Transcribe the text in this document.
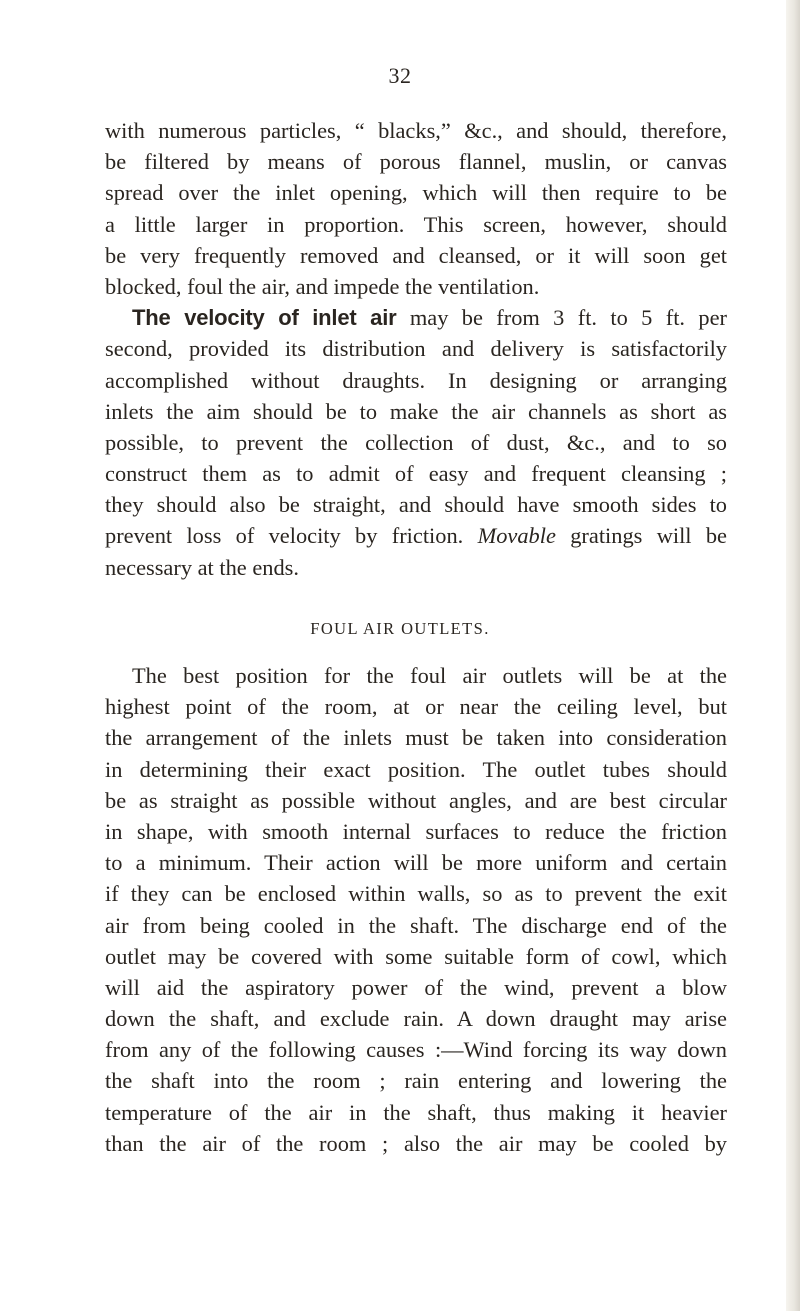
32
with numerous particles, “ blacks,” &c., and should, therefore,
be filtered by means of porous flannel, muslin, or canvas
spread over the inlet opening, which will then require to be
a little larger in proportion. This screen, however, should
be very frequently removed and cleansed, or it will soon get
blocked, foul the air, and impede the ventilation.
The velocity of inlet air may be from 3 ft. to 5 ft. per
second, provided its distribution and delivery is satisfactorily
accomplished without draughts. In designing or arranging
inlets the aim should be to make the air channels as short as
possible, to prevent the collection of dust, &c., and to so
construct them as to admit of easy and frequent cleansing ;
they should also be straight, and should have smooth sides to
prevent loss of velocity by friction. Movable gratings will be
necessary at the ends.
FOUL AIR OUTLETS.
The best position for the foul air outlets will be at the
highest point of the room, at or near the ceiling level, but
the arrangement of the inlets must be taken into consideration
in determining their exact position. The outlet tubes should
be as straight as possible without angles, and are best circular
in shape, with smooth internal surfaces to reduce the friction
to a minimum. Their action will be more uniform and certain
if they can be enclosed within walls, so as to prevent the exit
air from being cooled in the shaft. The discharge end of the
outlet may be covered with some suitable form of cowl, which
will aid the aspiratory power of the wind, prevent a blow
down the shaft, and exclude rain. A down draught may arise
from any of the following causes :—Wind forcing its way down
the shaft into the room ; rain entering and lowering the
temperature of the air in the shaft, thus making it heavier
than the air of the room ; also the air may be cooled by
